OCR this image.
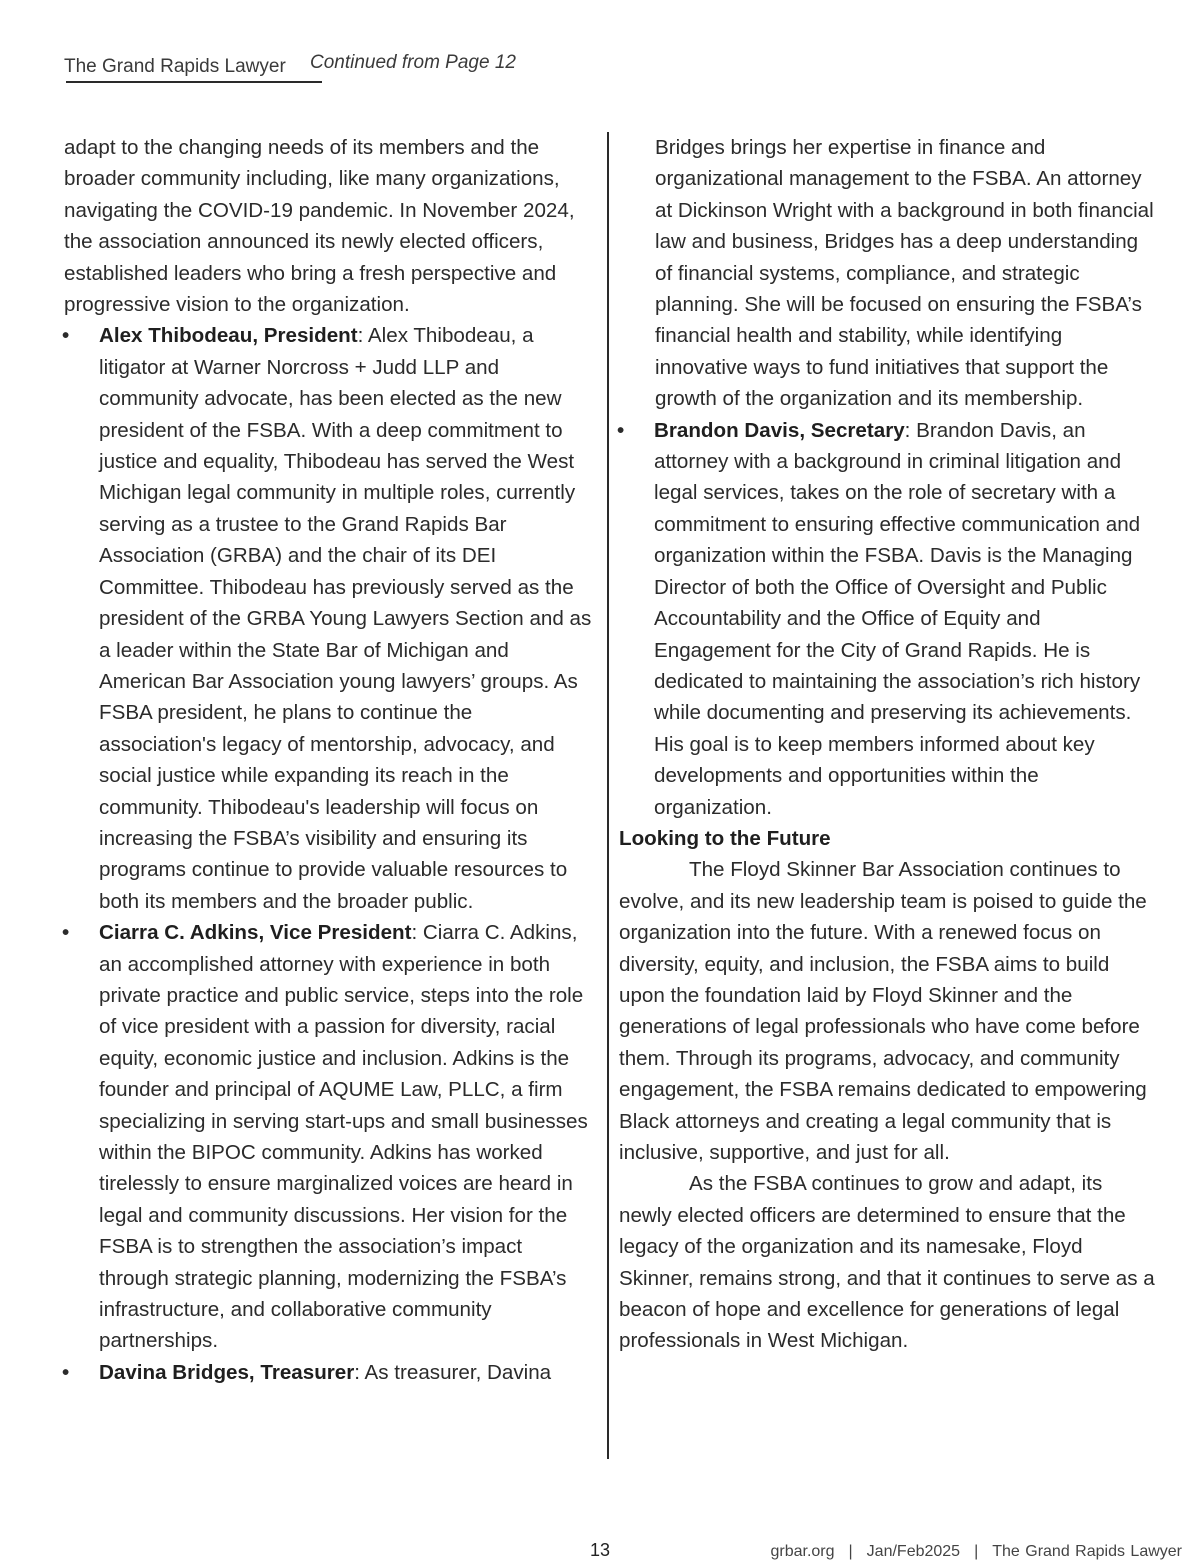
The Grand Rapids Lawyer Continued from Page 12

adapt to the changing needs of its members and the broader community including, like many organizations, navigating the COVID-19 pandemic. In November 2024, the association announced its newly elected officers, established leaders who bring a fresh perspective and progressive vision to the organization.

• Alex Thibodeau, President: Alex Thibodeau, a litigator at Warner Norcross + Judd LLP and community advocate, has been elected as the new president of the FSBA. With a deep commitment to justice and equality, Thibodeau has served the West Michigan legal community in multiple roles, currently serving as a trustee to the Grand Rapids Bar Association (GRBA) and the chair of its DEI Committee. Thibodeau has previously served as the president of the GRBA Young Lawyers Section and as a leader within the State Bar of Michigan and American Bar Association young lawyers’ groups. As FSBA president, he plans to continue the association's legacy of mentorship, advocacy, and social justice while expanding its reach in the community. Thibodeau's leadership will focus on increasing the FSBA’s visibility and ensuring its programs continue to provide valuable resources to both its members and the broader public.

• Ciarra C. Adkins, Vice President: Ciarra C. Adkins, an accomplished attorney with experience in both private practice and public service, steps into the role of vice president with a passion for diversity, racial equity, economic justice and inclusion. Adkins is the founder and principal of AQUME Law, PLLC, a firm specializing in serving start-ups and small businesses within the BIPOC community. Adkins has worked tirelessly to ensure marginalized voices are heard in legal and community discussions. Her vision for the FSBA is to strengthen the association’s impact through strategic planning, modernizing the FSBA’s infrastructure, and collaborative community partnerships.

• Davina Bridges, Treasurer: As treasurer, Davina

Bridges brings her expertise in finance and organizational management to the FSBA. An attorney at Dickinson Wright with a background in both financial law and business, Bridges has a deep understanding of financial systems, compliance, and strategic planning. She will be focused on ensuring the FSBA’s financial health and stability, while identifying innovative ways to fund initiatives that support the growth of the organization and its membership.

• Brandon Davis, Secretary: Brandon Davis, an attorney with a background in criminal litigation and legal services, takes on the role of secretary with a commitment to ensuring effective communication and organization within the FSBA. Davis is the Managing Director of both the Office of Oversight and Public Accountability and the Office of Equity and Engagement for the City of Grand Rapids. He is dedicated to maintaining the association’s rich history while documenting and preserving its achievements. His goal is to keep members informed about key developments and opportunities within the organization.

Looking to the Future

The Floyd Skinner Bar Association continues to evolve, and its new leadership team is poised to guide the organization into the future. With a renewed focus on diversity, equity, and inclusion, the FSBA aims to build upon the foundation laid by Floyd Skinner and the generations of legal professionals who have come before them. Through its programs, advocacy, and community engagement, the FSBA remains dedicated to empowering Black attorneys and creating a legal community that is inclusive, supportive, and just for all.

As the FSBA continues to grow and adapt, its newly elected officers are determined to ensure that the legacy of the organization and its namesake, Floyd Skinner, remains strong, and that it continues to serve as a beacon of hope and excellence for generations of legal professionals in West Michigan.

13	grbar.org | Jan/Feb2025 | The Grand Rapids Lawyer
